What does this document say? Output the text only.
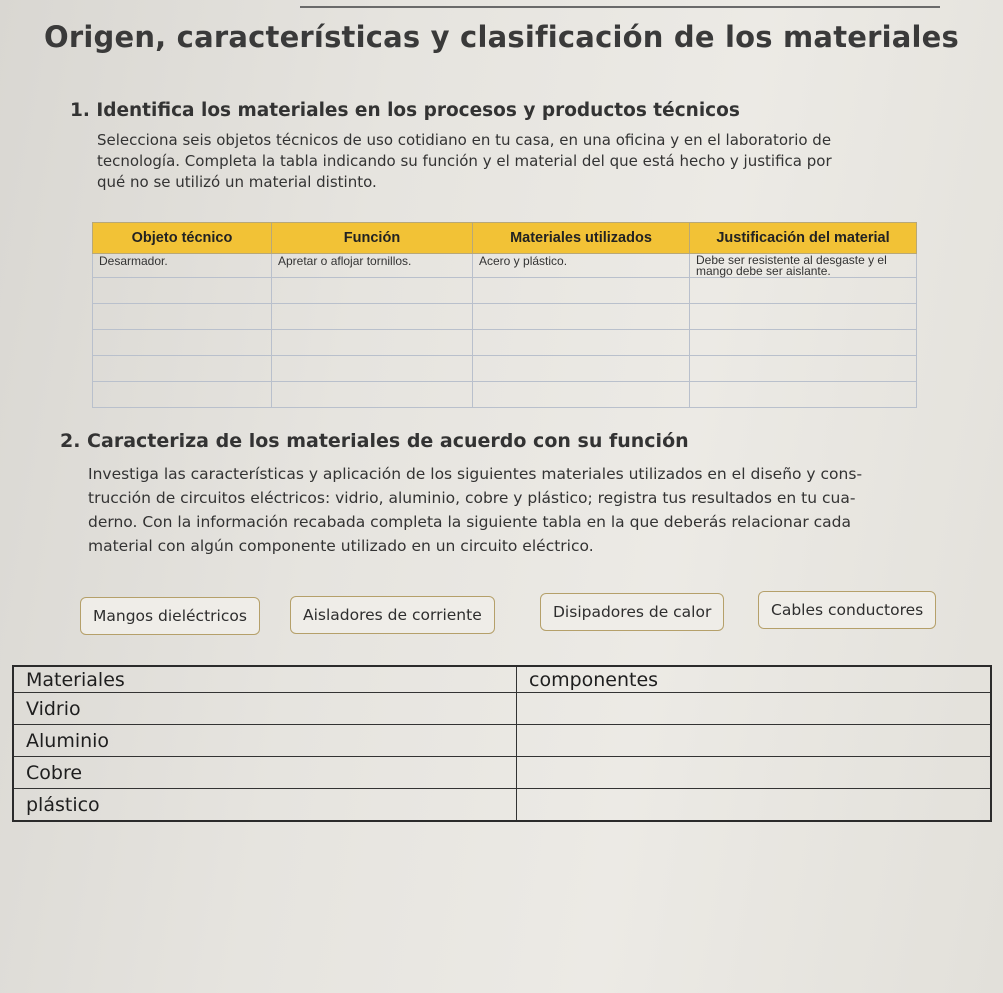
Origen, características y clasificación de los materiales
1. Identifica los materiales en los procesos y productos técnicos
Selecciona seis objetos técnicos de uso cotidiano en tu casa, en una oficina y en el laboratorio de
tecnología. Completa la tabla indicando su función y el material del que está hecho y justifica por
qué no se utilizó un material distinto.
Objeto técnico	Función	Materiales utilizados	Justificación del material
Desarmador.	Apretar o aflojar tornillos.	Acero y plástico.	Debe ser resistente al desgaste y el mango debe ser aislante.

2. Caracteriza de los materiales de acuerdo con su función
Investiga las características y aplicación de los siguientes materiales utilizados en el diseño y cons-
trucción de circuitos eléctricos: vidrio, aluminio, cobre y plástico; registra tus resultados en tu cua-
derno. Con la información recabada completa la siguiente tabla en la que deberás relacionar cada
material con algún componente utilizado en un circuito eléctrico.
Mangos dieléctricos	Aisladores de corriente	Disipadores de calor	Cables conductores
Materiales	componentes
Vidrio	
Aluminio	
Cobre	
plástico	
